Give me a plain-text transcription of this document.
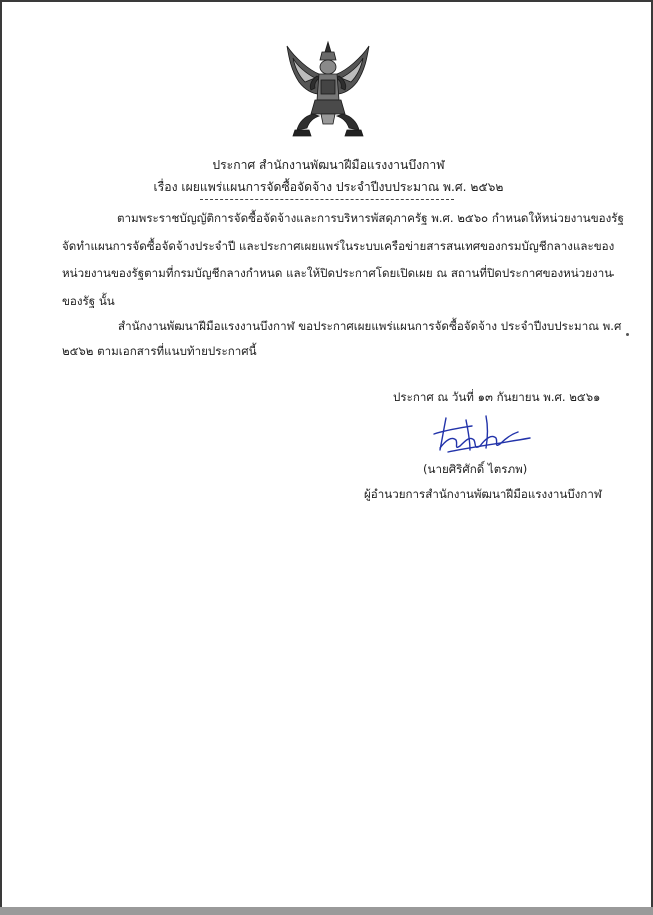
ประกาศ สำนักงานพัฒนาฝีมือแรงงานบึงกาฬ
เรื่อง เผยแพร่แผนการจัดซื้อจัดจ้าง ประจำปีงบประมาณ พ.ศ. ๒๕๖๒
ตามพระราชบัญญัติการจัดซื้อจัดจ้างและการบริหารพัสดุภาครัฐ พ.ศ. ๒๕๖๐ กำหนดให้หน่วยงานของรัฐ
จัดทำแผนการจัดซื้อจัดจ้างประจำปี และประกาศเผยแพร่ในระบบเครือข่ายสารสนเทศของกรมบัญชีกลางและของ
หน่วยงานของรัฐตามที่กรมบัญชีกลางกำหนด และให้ปิดประกาศโดยเปิดเผย ณ สถานที่ปิดประกาศของหน่วยงาน
ของรัฐ นั้น
สำนักงานพัฒนาฝีมือแรงงานบึงกาฬ ขอประกาศเผยแพร่แผนการจัดซื้อจัดจ้าง ประจำปีงบประมาณ พ.ศ
๒๕๖๒ ตามเอกสารที่แนบท้ายประกาศนี้
ประกาศ ณ วันที่ ๑๓ กันยายน พ.ศ. ๒๕๖๑
(นายศิริศักดิ์ ไตรภพ)
ผู้อำนวยการสำนักงานพัฒนาฝีมือแรงงานบึงกาฬ
